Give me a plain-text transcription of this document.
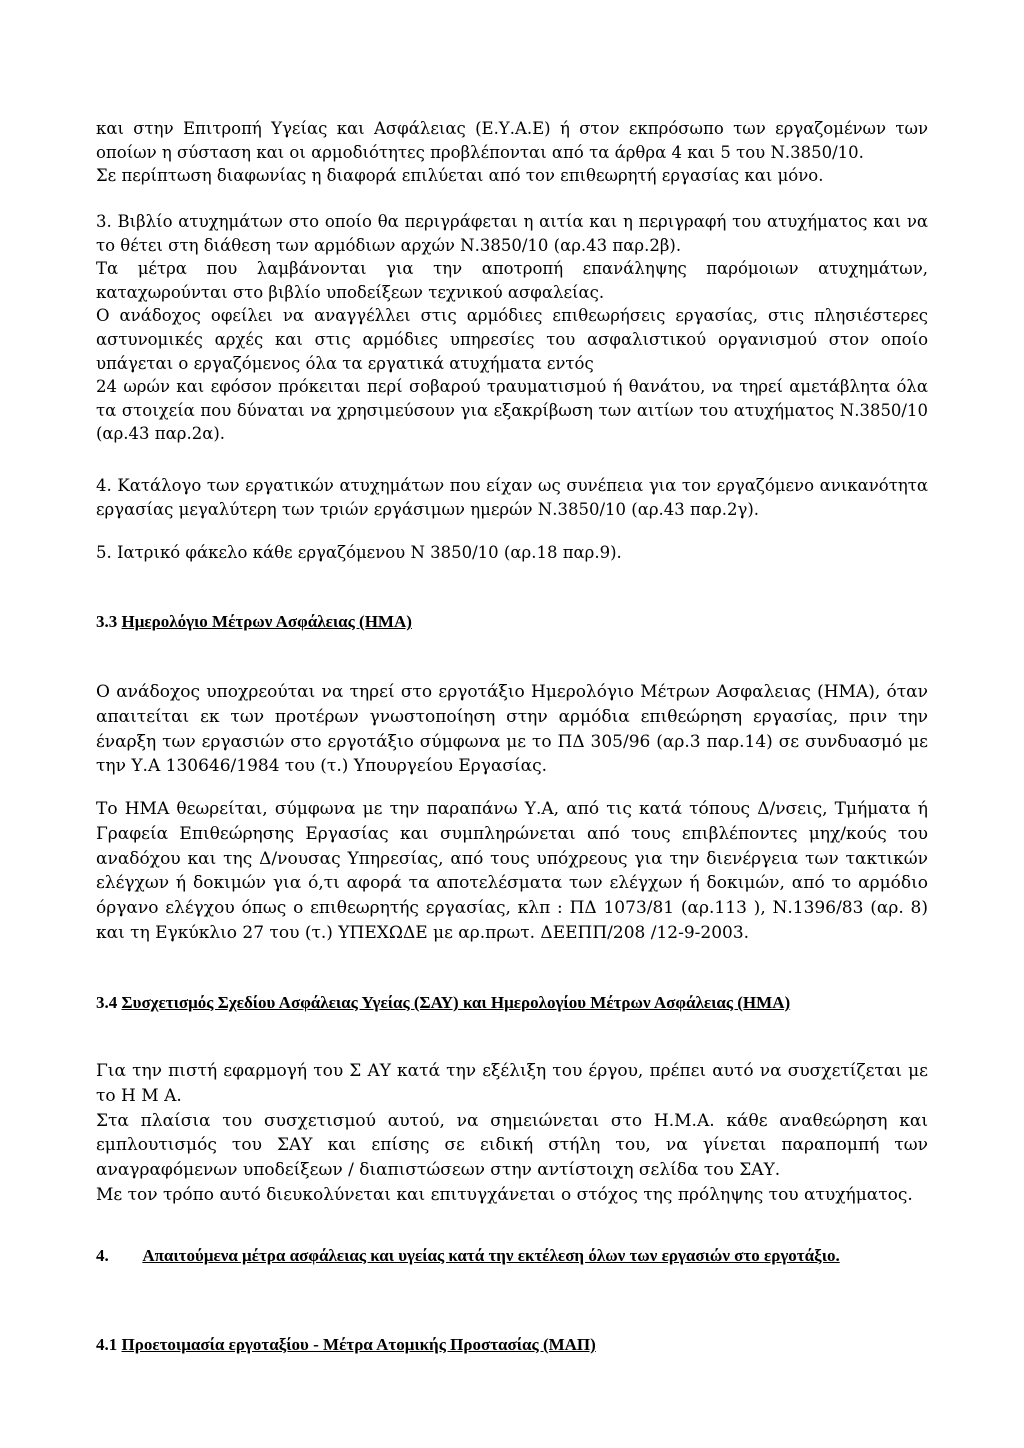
και στην Επιτροπή Υγείας και Ασφάλειας (Ε.Υ.Α.Ε) ή στον εκπρόσωπο των εργαζομένων των οποίων η σύσταση και οι αρμοδιότητες προβλέπονται από τα άρθρα 4 και 5 του Ν.3850/10.

Σε περίπτωση διαφωνίας η διαφορά επιλύεται από τον επιθεωρητή εργασίας και μόνο.

3. Βιβλίο ατυχημάτων στο οποίο θα περιγράφεται η αιτία και η περιγραφή του ατυχήματος και να το θέτει στη διάθεση των αρμόδιων αρχών Ν.3850/10 (αρ.43 παρ.2β).

Τα μέτρα που λαμβάνονται για την αποτροπή επανάληψης παρόμοιων ατυχημάτων, καταχωρούνται στο βιβλίο υποδείξεων τεχνικού ασφαλείας.

Ο ανάδοχος οφείλει να αναγγέλλει στις αρμόδιες επιθεωρήσεις εργασίας, στις πλησιέστερες αστυνομικές αρχές και στις αρμόδιες υπηρεσίες του ασφαλιστικού οργανισμού στον οποίο υπάγεται ο εργαζόμενος όλα τα εργατικά ατυχήματα εντός

24 ωρών και εφόσον πρόκειται περί σοβαρού τραυματισμού ή θανάτου, να τηρεί αμετάβλητα όλα τα στοιχεία που δύναται να χρησιμεύσουν για εξακρίβωση των αιτίων του ατυχήματος Ν.3850/10 (αρ.43 παρ.2α).

4. Κατάλογο των εργατικών ατυχημάτων που είχαν ως συνέπεια για τον εργαζόμενο ανικανότητα εργασίας μεγαλύτερη των τριών εργάσιμων ημερών Ν.3850/10 (αρ.43 παρ.2γ).

5. Ιατρικό φάκελο κάθε εργαζόμενου Ν 3850/10 (αρ.18 παρ.9).

3.3 Ημερολόγιο Μέτρων Ασφάλειας (ΗΜΑ)

Ο ανάδοχος υποχρεούται να τηρεί στο εργοτάξιο Ημερολόγιο Μέτρων Ασφαλειας (ΗΜΑ), όταν απαιτείται εκ των προτέρων γνωστοποίηση στην αρμόδια επιθεώρηση εργασίας, πριν την έναρξη των εργασιών στο εργοτάξιο σύμφωνα με το ΠΔ 305/96 (αρ.3 παρ.14) σε συνδυασμό με την Υ.Α 130646/1984 του (τ.) Υπουργείου Εργασίας.

Το ΗΜΑ θεωρείται, σύμφωνα με την παραπάνω Υ.Α, από τις κατά τόπους Δ/νσεις, Τμήματα ή Γραφεία Επιθεώρησης Εργασίας και συμπληρώνεται από τους επιβλέποντες μηχ/κούς του αναδόχου και της Δ/νουσας Υπηρεσίας, από τους υπόχρεους για την διενέργεια των τακτικών ελέγχων ή δοκιμών για ό,τι αφορά τα αποτελέσματα των ελέγχων ή δοκιμών, από το αρμόδιο όργανο ελέγχου όπως ο επιθεωρητής εργασίας, κλπ : ΠΔ 1073/81 (αρ.113 ), Ν.1396/83 (αρ. 8) και τη Εγκύκλιο 27 του (τ.) ΥΠΕΧΩΔΕ με αρ.πρωτ. ΔΕΕΠΠ/208 /12-9-2003.

3.4 Συσχετισμός Σχεδίου Ασφάλειας Υγείας (ΣΑΥ) και Ημερολογίου Μέτρων Ασφάλειας (ΗΜΑ)

Για την πιστή εφαρμογή του Σ ΑΥ κατά την εξέλιξη του έργου, πρέπει αυτό να συσχετίζεται με το Η Μ Α.

Στα πλαίσια του συσχετισμού αυτού, να σημειώνεται στο Η.Μ.Α. κάθε αναθεώρηση και εμπλουτισμός του ΣΑΥ και επίσης σε ειδική στήλη του, να γίνεται παραπομπή των αναγραφόμενων υποδείξεων / διαπιστώσεων στην αντίστοιχη σελίδα του ΣΑΥ.

Με τον τρόπο αυτό διευκολύνεται και επιτυγχάνεται ο στόχος της πρόληψης του ατυχήματος.

4. Απαιτούμενα μέτρα ασφάλειας και υγείας κατά την εκτέλεση όλων των εργασιών στο εργοτάξιο.
4.1 Προετοιμασία εργοταξίου - Μέτρα Ατομικής Προστασίας (ΜΑΠ)
